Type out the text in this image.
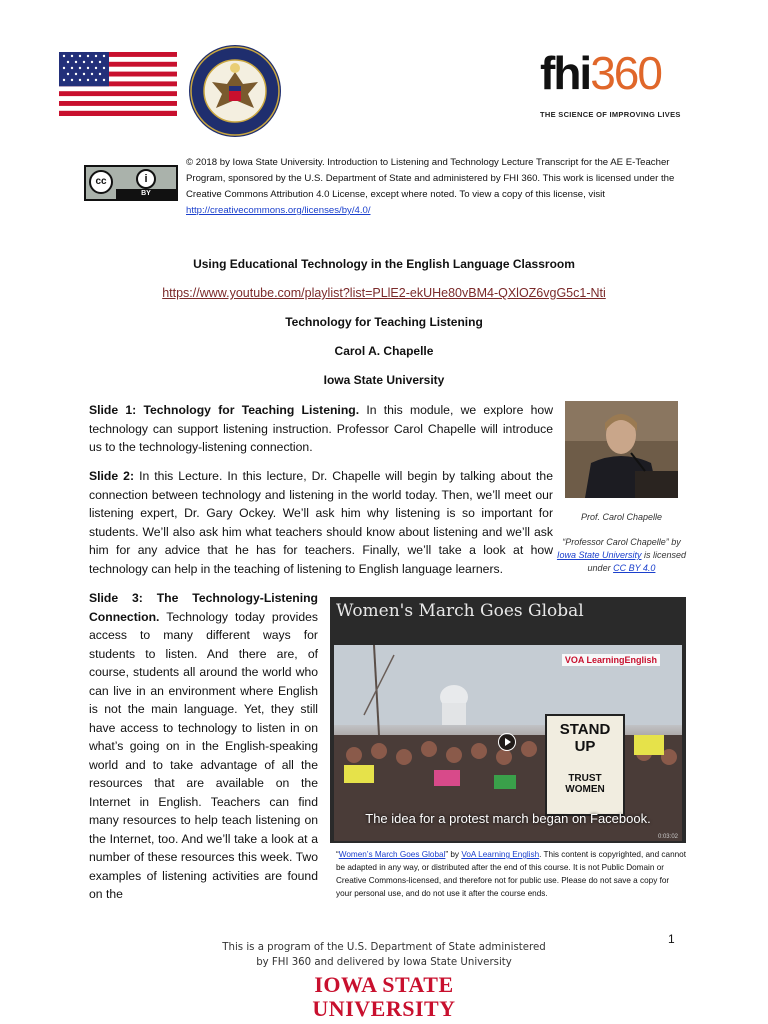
fhi360
THE SCIENCE OF IMPROVING LIVES
cc	i
BY
© 2018 by Iowa State University. Introduction to Listening and Technology Lecture Transcript for the AE E-Teacher Program, sponsored by the U.S. Department of State and administered by FHI 360. This work is licensed under the Creative Commons Attribution 4.0 License, except where noted. To view a copy of this license, visit http://creativecommons.org/licenses/by/4.0/
Using Educational Technology in the English Language Classroom
https://www.youtube.com/playlist?list=PLlE2-ekUHe80vBM4-QXlOZ6vgG5c1-Nti
Technology for Teaching Listening
Carol A. Chapelle
Iowa State University
Slide 1: Technology for Teaching Listening. In this module, we explore how technology can support listening instruction. Professor Carol Chapelle will introduce us to the technology-listening connection.
Slide 2: In this Lecture. In this lecture, Dr. Chapelle will begin by talking about the connection between technology and listening in the world today. Then, we’ll meet our listening expert, Dr. Gary Ockey. We’ll ask him why listening is so important for students. We’ll also ask him what teachers should know about listening and we’ll ask him for any advice that he has for teachers. Finally, we’ll take a look at how technology can help in the teaching of listening to English language learners.
Prof. Carol Chapelle
“Professor Carol Chapelle” by Iowa State University is licensed under CC BY 4.0
Slide 3: The Technology-Listening Connection. Technology today provides access to many different ways for students to listen. And there are, of course, students all around the world who can live in an environment where English is not the main language. Yet, they still have access to technology to listen in on what’s going on in the English-speaking world and to take advantage of all the resources that are available on the Internet in English. Teachers can find many resources to help teach listening on the Internet, too. And we’ll take a look at a number of these resources this week. Two examples of listening activities are found on the
Women's March Goes Global
VOA LearningEnglish
STAND UP
TRUST WOMEN
The idea for a protest march began on Facebook.
0:03:02
“Women’s March Goes Global” by VoA Learning English. This content is copyrighted, and cannot be adapted in any way, or distributed after the end of this course. It is not Public Domain or Creative Commons-licensed, and therefore not for public use. Please do not save a copy for your personal use, and do not use it after the course ends.
1
This is a program of the U.S. Department of State administered
by FHI 360 and delivered by Iowa State University
IOWA STATE
UNIVERSITY
